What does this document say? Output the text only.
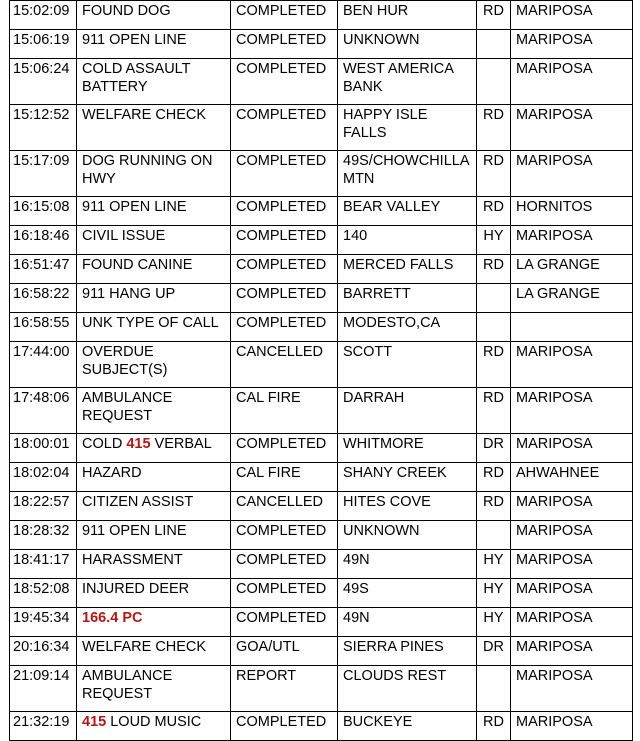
15:02:09	FOUND DOG	COMPLETED	BEN HUR	RD	MARIPOSA
15:06:19	911 OPEN LINE	COMPLETED	UNKNOWN		MARIPOSA
15:06:24	COLD ASSAULT BATTERY	COMPLETED	WEST AMERICA BANK		MARIPOSA
15:12:52	WELFARE CHECK	COMPLETED	HAPPY ISLE FALLS	RD	MARIPOSA
15:17:09	DOG RUNNING ON HWY	COMPLETED	49S/CHOWCHILLA MTN	RD	MARIPOSA
16:15:08	911 OPEN LINE	COMPLETED	BEAR VALLEY	RD	HORNITOS
16:18:46	CIVIL ISSUE	COMPLETED	140	HY	MARIPOSA
16:51:47	FOUND CANINE	COMPLETED	MERCED FALLS	RD	LA GRANGE
16:58:22	911 HANG UP	COMPLETED	BARRETT		LA GRANGE
16:58:55	UNK TYPE OF CALL	COMPLETED	MODESTO,CA		
17:44:00	OVERDUE SUBJECT(S)	CANCELLED	SCOTT	RD	MARIPOSA
17:48:06	AMBULANCE REQUEST	CAL FIRE	DARRAH	RD	MARIPOSA
18:00:01	COLD 415 VERBAL	COMPLETED	WHITMORE	DR	MARIPOSA
18:02:04	HAZARD	CAL FIRE	SHANY CREEK	RD	AHWAHNEE
18:22:57	CITIZEN ASSIST	CANCELLED	HITES COVE	RD	MARIPOSA
18:28:32	911 OPEN LINE	COMPLETED	UNKNOWN		MARIPOSA
18:41:17	HARASSMENT	COMPLETED	49N	HY	MARIPOSA
18:52:08	INJURED DEER	COMPLETED	49S	HY	MARIPOSA
19:45:34	166.4 PC	COMPLETED	49N	HY	MARIPOSA
20:16:34	WELFARE CHECK	GOA/UTL	SIERRA PINES	DR	MARIPOSA
21:09:14	AMBULANCE REQUEST	REPORT	CLOUDS REST		MARIPOSA
21:32:19	415 LOUD MUSIC	COMPLETED	BUCKEYE	RD	MARIPOSA
